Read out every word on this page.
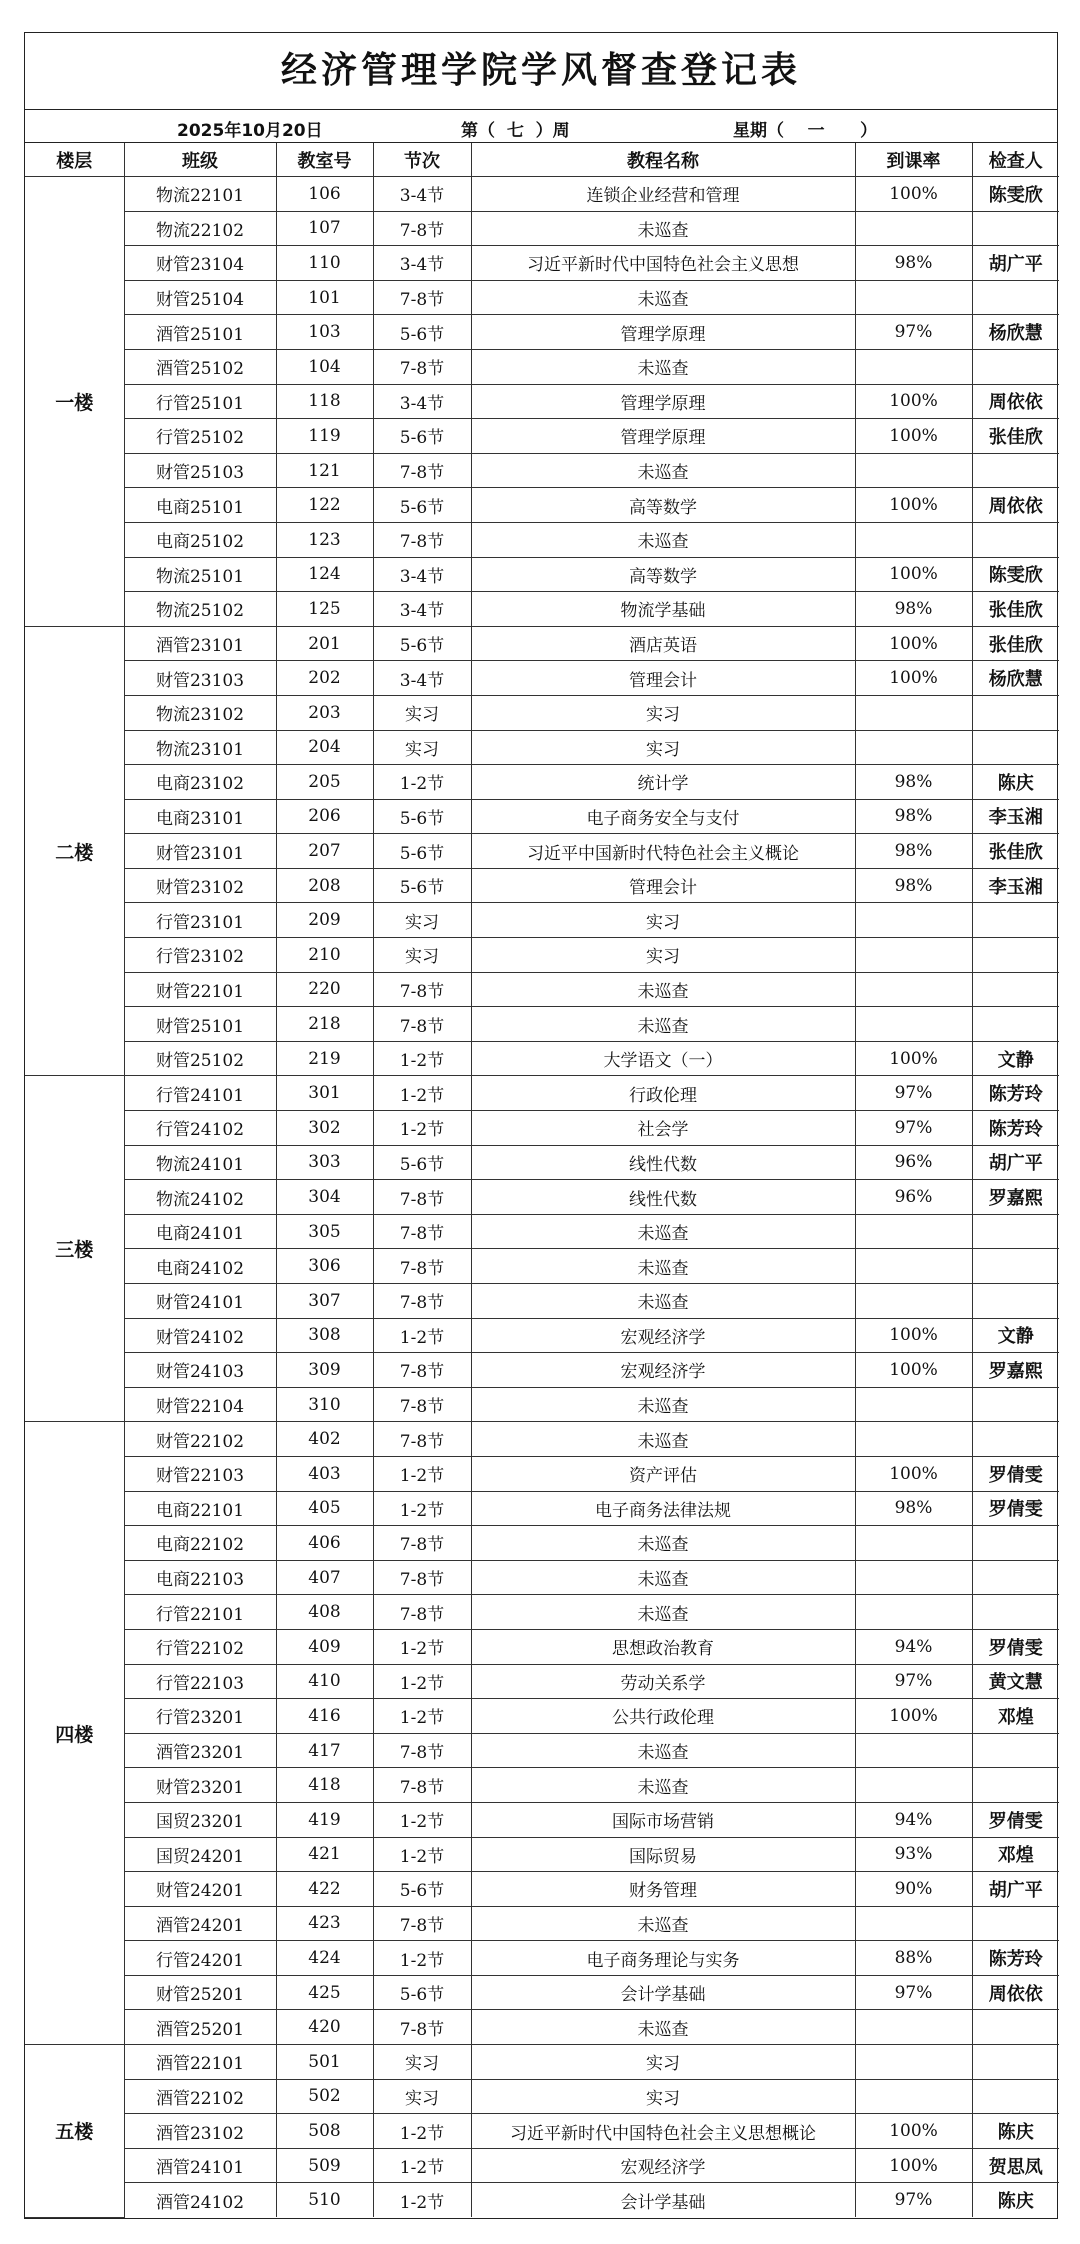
经济管理学院学风督查登记表
2025年10月20日	第（  七  ）周	星期（    一      ）
楼层	班级	教室号	节次	教程名称	到课率	检查人
一楼	物流22101	106	3-4节	连锁企业经营和管理	100%	陈雯欣
	物流22102	107	7-8节	未巡查		
	财管23104	110	3-4节	习近平新时代中国特色社会主义思想	98%	胡广平
	财管25104	101	7-8节	未巡查		
	酒管25101	103	5-6节	管理学原理	97%	杨欣慧
	酒管25102	104	7-8节	未巡查		
	行管25101	118	3-4节	管理学原理	100%	周依依
	行管25102	119	5-6节	管理学原理	100%	张佳欣
	财管25103	121	7-8节	未巡查		
	电商25101	122	5-6节	高等数学	100%	周依依
	电商25102	123	7-8节	未巡查		
	物流25101	124	3-4节	高等数学	100%	陈雯欣
	物流25102	125	3-4节	物流学基础	98%	张佳欣
二楼	酒管23101	201	5-6节	酒店英语	100%	张佳欣
	财管23103	202	3-4节	管理会计	100%	杨欣慧
	物流23102	203	实习	实习		
	物流23101	204	实习	实习		
	电商23102	205	1-2节	统计学	98%	陈庆
	电商23101	206	5-6节	电子商务安全与支付	98%	李玉湘
	财管23101	207	5-6节	习近平中国新时代特色社会主义概论	98%	张佳欣
	财管23102	208	5-6节	管理会计	98%	李玉湘
	行管23101	209	实习	实习		
	行管23102	210	实习	实习		
	财管22101	220	7-8节	未巡查		
	财管25101	218	7-8节	未巡查		
	财管25102	219	1-2节	大学语文（一）	100%	文静
三楼	行管24101	301	1-2节	行政伦理	97%	陈芳玲
	行管24102	302	1-2节	社会学	97%	陈芳玲
	物流24101	303	5-6节	线性代数	96%	胡广平
	物流24102	304	7-8节	线性代数	96%	罗嘉熙
	电商24101	305	7-8节	未巡查		
	电商24102	306	7-8节	未巡查		
	财管24101	307	7-8节	未巡查		
	财管24102	308	1-2节	宏观经济学	100%	文静
	财管24103	309	7-8节	宏观经济学	100%	罗嘉熙
	财管22104	310	7-8节	未巡查		
四楼	财管22102	402	7-8节	未巡查		
	财管22103	403	1-2节	资产评估	100%	罗倩雯
	电商22101	405	1-2节	电子商务法律法规	98%	罗倩雯
	电商22102	406	7-8节	未巡查		
	电商22103	407	7-8节	未巡查		
	行管22101	408	7-8节	未巡查		
	行管22102	409	1-2节	思想政治教育	94%	罗倩雯
	行管22103	410	1-2节	劳动关系学	97%	黄文慧
	行管23201	416	1-2节	公共行政伦理	100%	邓煌
	酒管23201	417	7-8节	未巡查		
	财管23201	418	7-8节	未巡查		
	国贸23201	419	1-2节	国际市场营销	94%	罗倩雯
	国贸24201	421	1-2节	国际贸易	93%	邓煌
	财管24201	422	5-6节	财务管理	90%	胡广平
	酒管24201	423	7-8节	未巡查		
	行管24201	424	1-2节	电子商务理论与实务	88%	陈芳玲
	财管25201	425	5-6节	会计学基础	97%	周依依
	酒管25201	420	7-8节	未巡查		
五楼	酒管22101	501	实习	实习		
	酒管22102	502	实习	实习		
	酒管23102	508	1-2节	习近平新时代中国特色社会主义思想概论	100%	陈庆
	酒管24101	509	1-2节	宏观经济学	100%	贺思凤
	酒管24102	510	1-2节	会计学基础	97%	陈庆
